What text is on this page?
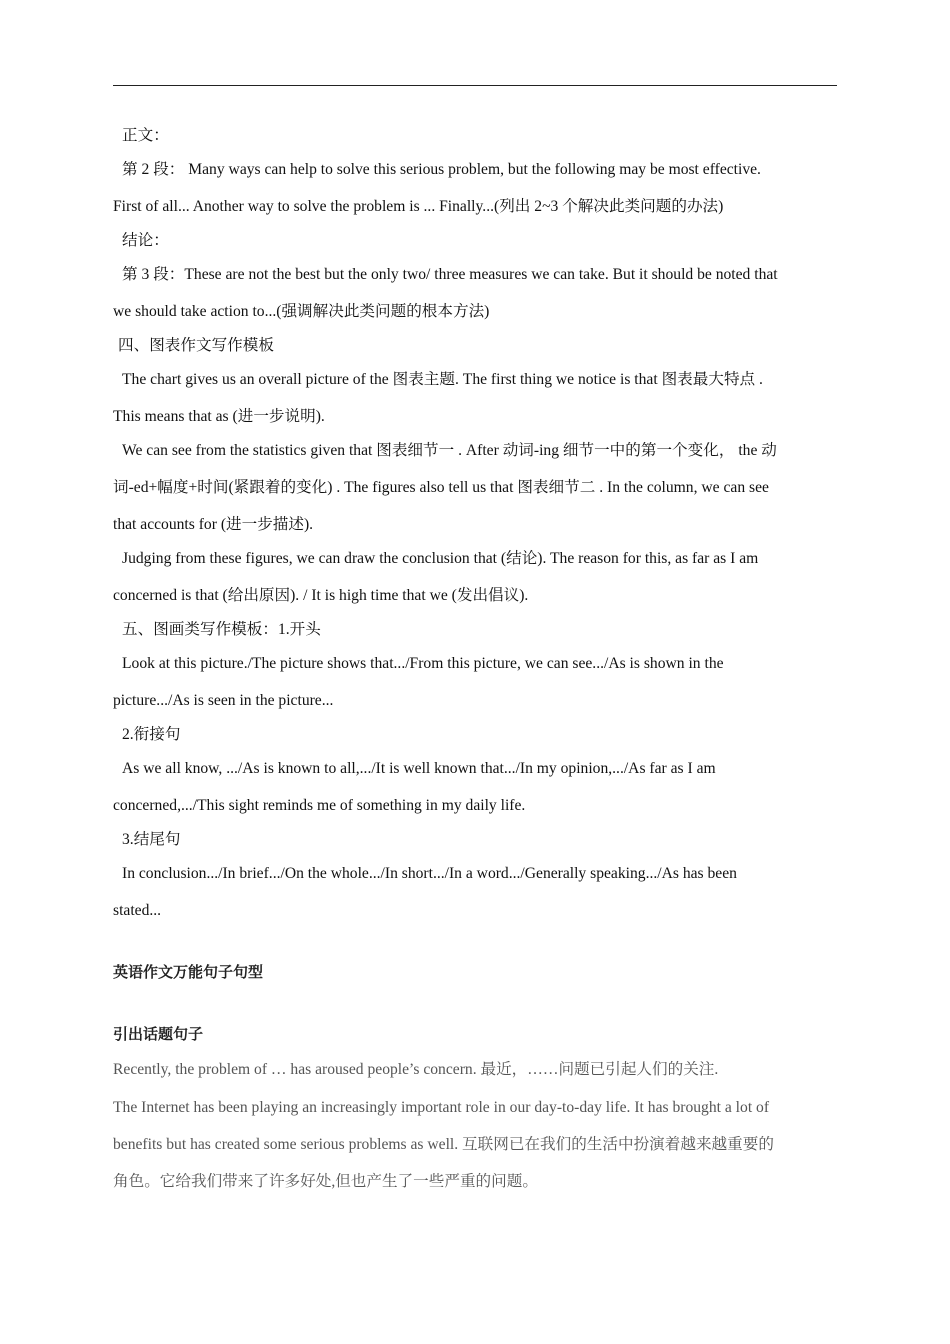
正文：
第 2 段： Many ways can help to solve this serious problem, but the following may be most effective.
First of all... Another way to solve the problem is ... Finally...(列出 2~3 个解决此类问题的办法)
结论：
第 3 段：These are not the best but the only two/ three measures we can take. But it should be noted that
we should take action to...(强调解决此类问题的根本方法)
四、图表作文写作模板
The chart gives us an overall picture of the 图表主题. The first thing we notice is that 图表最大特点 .
This means that as (进一步说明).
We can see from the statistics given that 图表细节一 . After 动词-ing 细节一中的第一个变化， the 动
词-ed+幅度+时间(紧跟着的变化) . The figures also tell us that 图表细节二 . In the column, we can see
that accounts for (进一步描述).
Judging from these figures, we can draw the conclusion that (结论). The reason for this, as far as I am
concerned is that (给出原因). / It is high time that we (发出倡议).
五、图画类写作模板：1.开头
Look at this picture./The picture shows that.../From this picture, we can see.../As is shown in the
picture.../As is seen in the picture...
2.衔接句
As we all know, .../As is known to all,.../It is well known that.../In my opinion,.../As far as I am
concerned,.../This sight reminds me of something in my daily life.
3.结尾句
In conclusion.../In brief.../On the whole.../In short.../In a word.../Generally speaking.../As has been
stated...
英语作文万能句子句型
引出话题句子
Recently, the problem of … has aroused people’s concern. 最近，……问题已引起人们的关注.
The Internet has been playing an increasingly important role in our day-to-day life. It has brought a lot of
benefits but has created some serious problems as well. 互联网已在我们的生活中扮演着越来越重要的
角色。它给我们带来了许多好处,但也产生了一些严重的问题。
